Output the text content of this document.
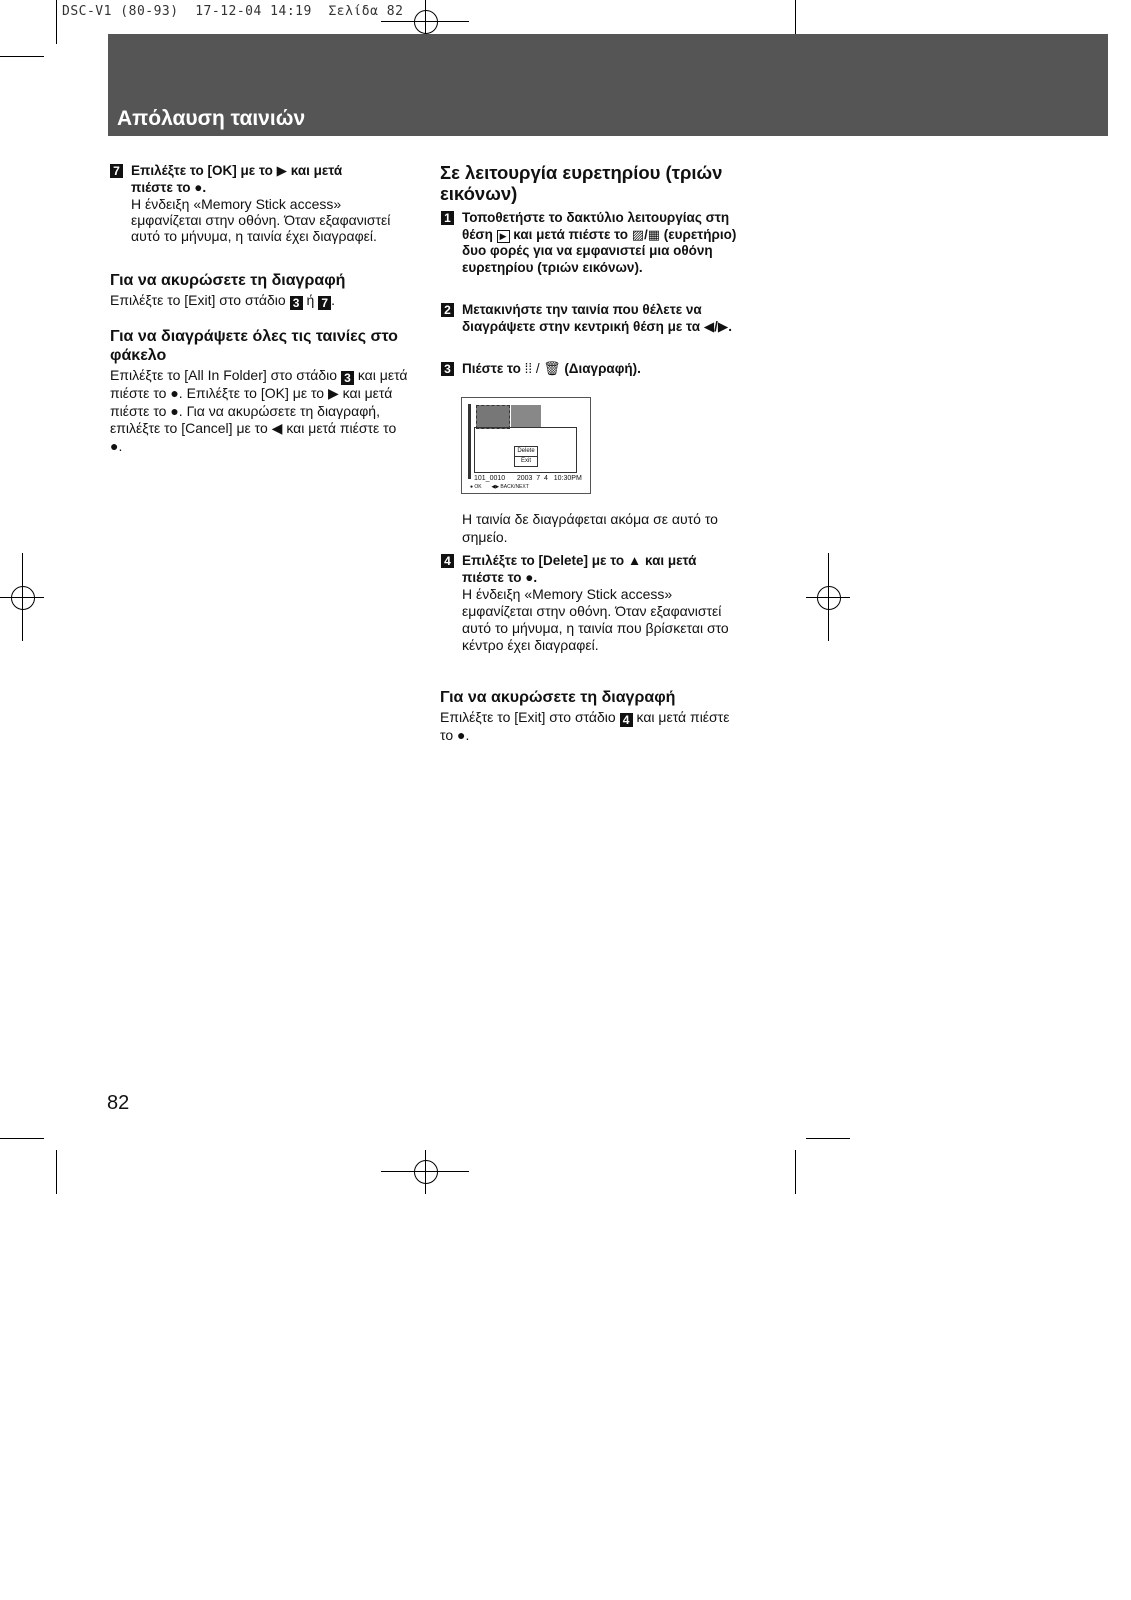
DSC-V1 (80-93)  17-12-04 14:19  Σελίδα 82
Απόλαυση ταινιών
7 Επιλέξτε το [OK] με το ▶ και μετά
πιέστε το ●.
Η ένδειξη «Memory Stick access» εμφανίζεται στην οθόνη. Όταν εξαφανιστεί αυτό το μήνυμα, η ταινία έχει διαγραφεί.
Για να ακυρώσετε τη διαγραφή
Επιλέξτε το [Exit] στο στάδιο 3 ή 7 .
Για να διαγράψετε όλες τις ταινίες στο φάκελο
Επιλέξτε το [All In Folder] στο στάδιο 3 και μετά πιέστε το ●. Επιλέξτε το [OK] με το ▶ και μετά πιέστε το ●. Για να ακυρώσετε τη διαγραφή, επιλέξτε το [Cancel] με το ◀ και μετά πιέστε το ●.
Σε λειτουργία ευρετηρίου (τριών εικόνων)
1 Τοποθετήστε το δακτύλιο λειτουργίας στη θέση ▶ και μετά πιέστε το ▨/▦ (ευρετήριο) δυο φορές για να εμφανιστεί μια οθόνη ευρετηρίου (τριών εικόνων).
2 Μετακινήστε την ταινία που θέλετε να διαγράψετε στην κεντρική θέση με τα ◀/▶.
3 Πιέστε το ⁞⁞ / 🗑 (Διαγραφή).
Delete
Exit
101_0010      2003  7  4   10:30PM
● OK       ◀▶ BACK/NEXT
Η ταινία δε διαγράφεται ακόμα σε αυτό το σημείο.
4 Επιλέξτε το [Delete] με το ▲ και μετά
πιέστε το ●.
Η ένδειξη «Memory Stick access» εμφανίζεται στην οθόνη. Όταν εξαφανιστεί αυτό το μήνυμα, η ταινία που βρίσκεται στο κέντρο έχει διαγραφεί.
Για να ακυρώσετε τη διαγραφή
Επιλέξτε το [Exit] στο στάδιο 4 και μετά πιέστε το ●.
82
